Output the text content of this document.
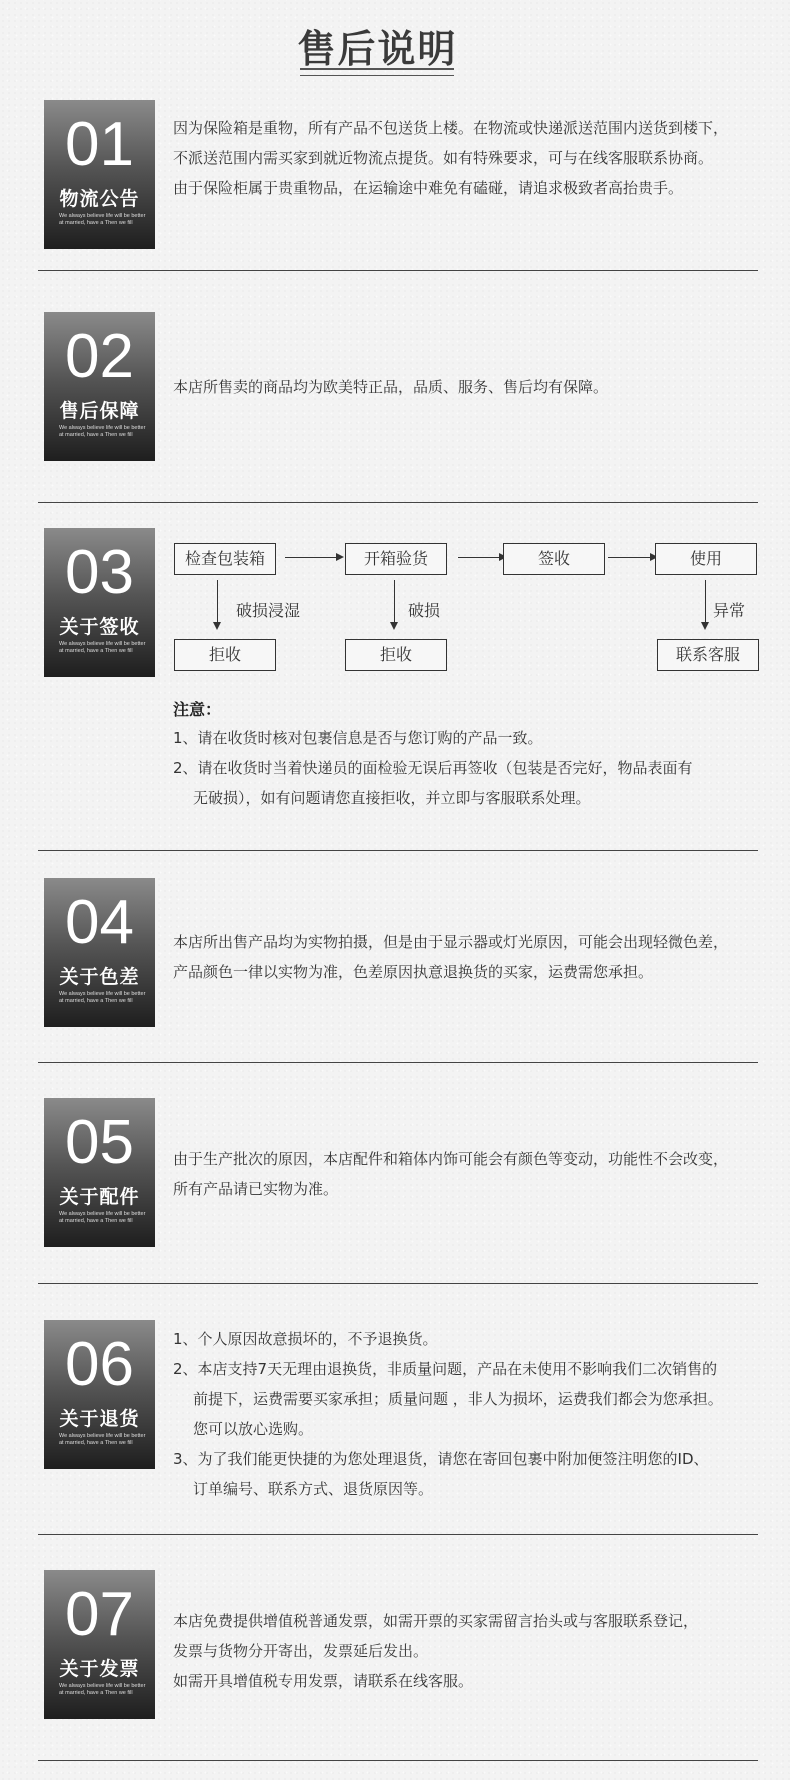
售后说明
01
物流公告
We always believe life will be better at married, have a Then we fill

因为保险箱是重物，所有产品不包送货上楼。在物流或快递派送范围内送货到楼下，

不派送范围内需买家到就近物流点提货。如有特殊要求，可与在线客服联系协商。

由于保险柜属于贵重物品，在运输途中难免有磕碰，请追求极致者高抬贵手。

02
售后保障
We always believe life will be better at married, have a Then we fill

本店所售卖的商品均为欧美特正品，品质、服务、售后均有保障。

03
关于签收
We always believe life will be better at married, have a Then we fill
检查包装箱	开箱验货	签收	使用
破损浸湿	破损	异常
拒收	拒收	联系客服
注意：

1、请在收货时核对包裹信息是否与您订购的产品一致。

2、请在收货时当着快递员的面检验无误后再签收（包装是否完好，物品表面有

无破损），如有问题请您直接拒收，并立即与客服联系处理。

04
关于色差
We always believe life will be better at married, have a Then we fill

本店所出售产品均为实物拍摄，但是由于显示器或灯光原因，可能会出现轻微色差，

产品颜色一律以实物为准，色差原因执意退换货的买家，运费需您承担。

05
关于配件
We always believe life will be better at married, have a Then we fill

由于生产批次的原因，本店配件和箱体内饰可能会有颜色等变动，功能性不会改变，

所有产品请已实物为准。

06
关于退货
We always believe life will be better at married, have a Then we fill

1、个人原因故意损坏的，不予退换货。

2、本店支持7天无理由退换货，非质量问题，产品在未使用不影响我们二次销售的

前提下，运费需要买家承担；质量问题 ，非人为损坏，运费我们都会为您承担。

您可以放心选购。

3、为了我们能更快捷的为您处理退货，请您在寄回包裹中附加便签注明您的ID、

订单编号、联系方式、退货原因等。

07
关于发票
We always believe life will be better at married, have a Then we fill

本店免费提供增值税普通发票，如需开票的买家需留言抬头或与客服联系登记，

发票与货物分开寄出，发票延后发出。

如需开具增值税专用发票，请联系在线客服。
